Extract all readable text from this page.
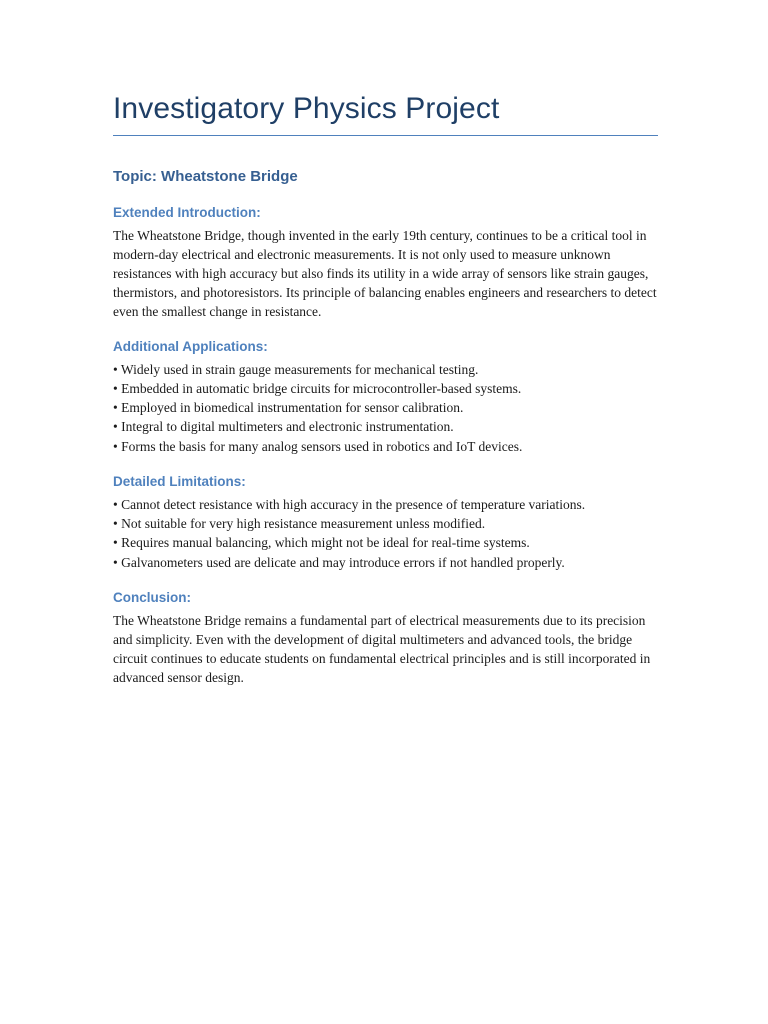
Investigatory Physics Project
Topic: Wheatstone Bridge
Extended Introduction:

The Wheatstone Bridge, though invented in the early 19th century, continues to be a critical tool in modern-day electrical and electronic measurements. It is not only used to measure unknown resistances with high accuracy but also finds its utility in a wide array of sensors like strain gauges, thermistors, and photoresistors. Its principle of balancing enables engineers and researchers to detect even the smallest change in resistance.

Additional Applications:
• Widely used in strain gauge measurements for mechanical testing.
• Embedded in automatic bridge circuits for microcontroller-based systems.
• Employed in biomedical instrumentation for sensor calibration.
• Integral to digital multimeters and electronic instrumentation.
• Forms the basis for many analog sensors used in robotics and IoT devices.
Detailed Limitations:
• Cannot detect resistance with high accuracy in the presence of temperature variations.
• Not suitable for very high resistance measurement unless modified.
• Requires manual balancing, which might not be ideal for real-time systems.
• Galvanometers used are delicate and may introduce errors if not handled properly.
Conclusion:

The Wheatstone Bridge remains a fundamental part of electrical measurements due to its precision and simplicity. Even with the development of digital multimeters and advanced tools, the bridge circuit continues to educate students on fundamental electrical principles and is still incorporated in advanced sensor design.
